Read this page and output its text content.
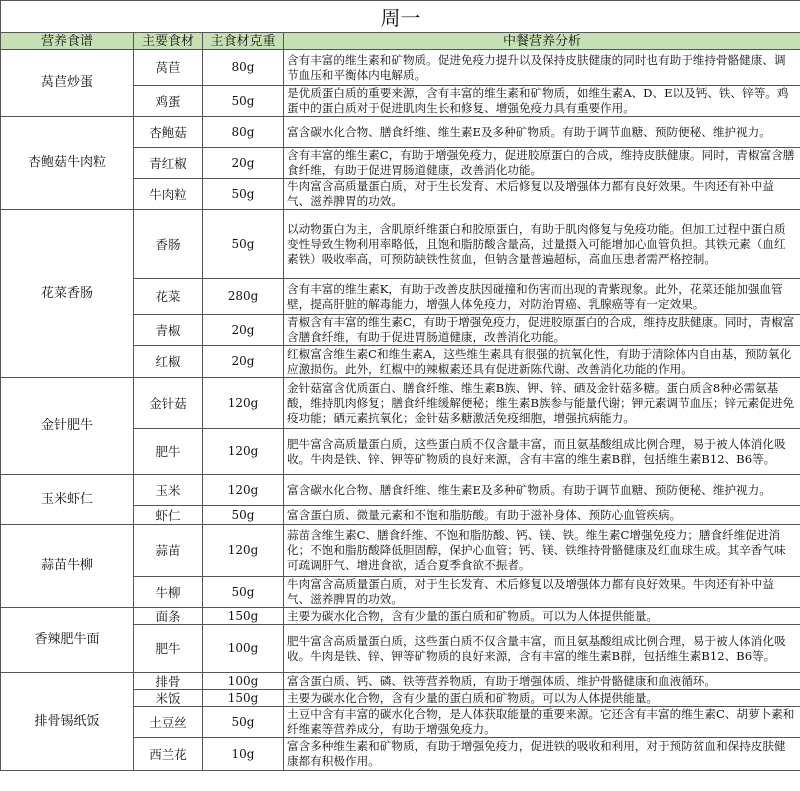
周一			
营养食谱	主要食材	主食材克重	中餐营养分析
莴苣炒蛋	莴苣	80g	含有丰富的维生素和矿物质。促进免疫力提升以及保持皮肤健康的同时也有助于维持骨骼健康、调节血压和平衡体内电解质。
	鸡蛋	50g	是优质蛋白质的重要来源，含有丰富的维生素和矿物质，如维生素A、D、E以及钙、铁、锌等。鸡蛋中的蛋白质对于促进肌肉生长和修复、增强免疫力具有重要作用。
杏鲍菇牛肉粒	杏鲍菇	80g	富含碳水化合物、膳食纤维、维生素E及多种矿物质。有助于调节血糖、预防便秘、维护视力。
	青红椒	20g	含有丰富的维生素C，有助于增强免疫力，促进胶原蛋白的合成，维持皮肤健康。同时，青椒富含膳食纤维，有助于促进胃肠道健康，改善消化功能。
	牛肉粒	50g	牛肉富含高质量蛋白质，对于生长发育、术后修复以及增强体力都有良好效果。牛肉还有补中益气、滋养脾胃的功效。
花菜香肠	香肠	50g	以动物蛋白为主，含肌原纤维蛋白和胶原蛋白，有助于肌肉修复与免疫功能。但加工过程中蛋白质变性导致生物利用率略低，且饱和脂肪酸含量高，过量摄入可能增加心血管负担。其铁元素（血红素铁）吸收率高，可预防缺铁性贫血，但钠含量普遍超标，高血压患者需严格控制。
	花菜	280g	含有丰富的维生素K，有助于改善皮肤因碰撞和伤害而出现的青紫现象。此外，花菜还能加强血管壁，提高肝脏的解毒能力，增强人体免疫力，对防治胃癌、乳腺癌等有一定效果。
	青椒	20g	青椒含有丰富的维生素C，有助于增强免疫力，促进胶原蛋白的合成，维持皮肤健康。同时，青椒富含膳食纤维，有助于促进胃肠道健康，改善消化功能。
	红椒	20g	红椒富含维生素C和维生素A，这些维生素具有很强的抗氧化性，有助于清除体内自由基，预防氧化应激损伤。此外，红椒中的辣椒素还具有促进新陈代谢、改善消化功能的作用。
金针肥牛	金针菇	120g	金针菇富含优质蛋白、膳食纤维、维生素B族、钾、锌、硒及金针菇多糖。蛋白质含8种必需氨基酸，维持肌肉修复；膳食纤维缓解便秘；维生素B族参与能量代谢；钾元素调节血压；锌元素促进免疫功能；硒元素抗氧化；金针菇多糖激活免疫细胞，增强抗病能力。
	肥牛	120g	肥牛富含高质量蛋白质，这些蛋白质不仅含量丰富，而且氨基酸组成比例合理，易于被人体消化吸收。牛肉是铁、锌、钾等矿物质的良好来源，含有丰富的维生素B群，包括维生素B12、B6等。
玉米虾仁	玉米	120g	富含碳水化合物、膳食纤维、维生素E及多种矿物质。有助于调节血糖、预防便秘、维护视力。
	虾仁	50g	富含蛋白质、微量元素和不饱和脂肪酸。有助于滋补身体、预防心血管疾病。
蒜苗牛柳	蒜苗	120g	蒜苗含维生素C、膳食纤维、不饱和脂肪酸、钙、镁、铁。维生素C增强免疫力；膳食纤维促进消化；不饱和脂肪酸降低胆固醇，保护心血管；钙、镁、铁维持骨骼健康及红血球生成。其辛香气味可疏调肝气、增进食欲，适合夏季食欲不振者。
	牛柳	50g	牛肉富含高质量蛋白质，对于生长发育、术后修复以及增强体力都有良好效果。牛肉还有补中益气、滋养脾胃的功效。
香辣肥牛面	面条	150g	主要为碳水化合物，含有少量的蛋白质和矿物质。可以为人体提供能量。
	肥牛	100g	肥牛富含高质量蛋白质，这些蛋白质不仅含量丰富，而且氨基酸组成比例合理，易于被人体消化吸收。牛肉是铁、锌、钾等矿物质的良好来源，含有丰富的维生素B群，包括维生素B12、B6等。
排骨锡纸饭	排骨	100g	富含蛋白质、钙、磷、铁等营养物质，有助于增强体质、维护骨骼健康和血液循环。
	米饭	150g	主要为碳水化合物，含有少量的蛋白质和矿物质。可以为人体提供能量。
	土豆丝	50g	土豆中含有丰富的碳水化合物，是人体获取能量的重要来源。它还含有丰富的维生素C、胡萝卜素和纤维素等营养成分，有助于增强免疫力。
	西兰花	10g	富含多种维生素和矿物质，有助于增强免疫力，促进铁的吸收和利用，对于预防贫血和保持皮肤健康都有积极作用。
